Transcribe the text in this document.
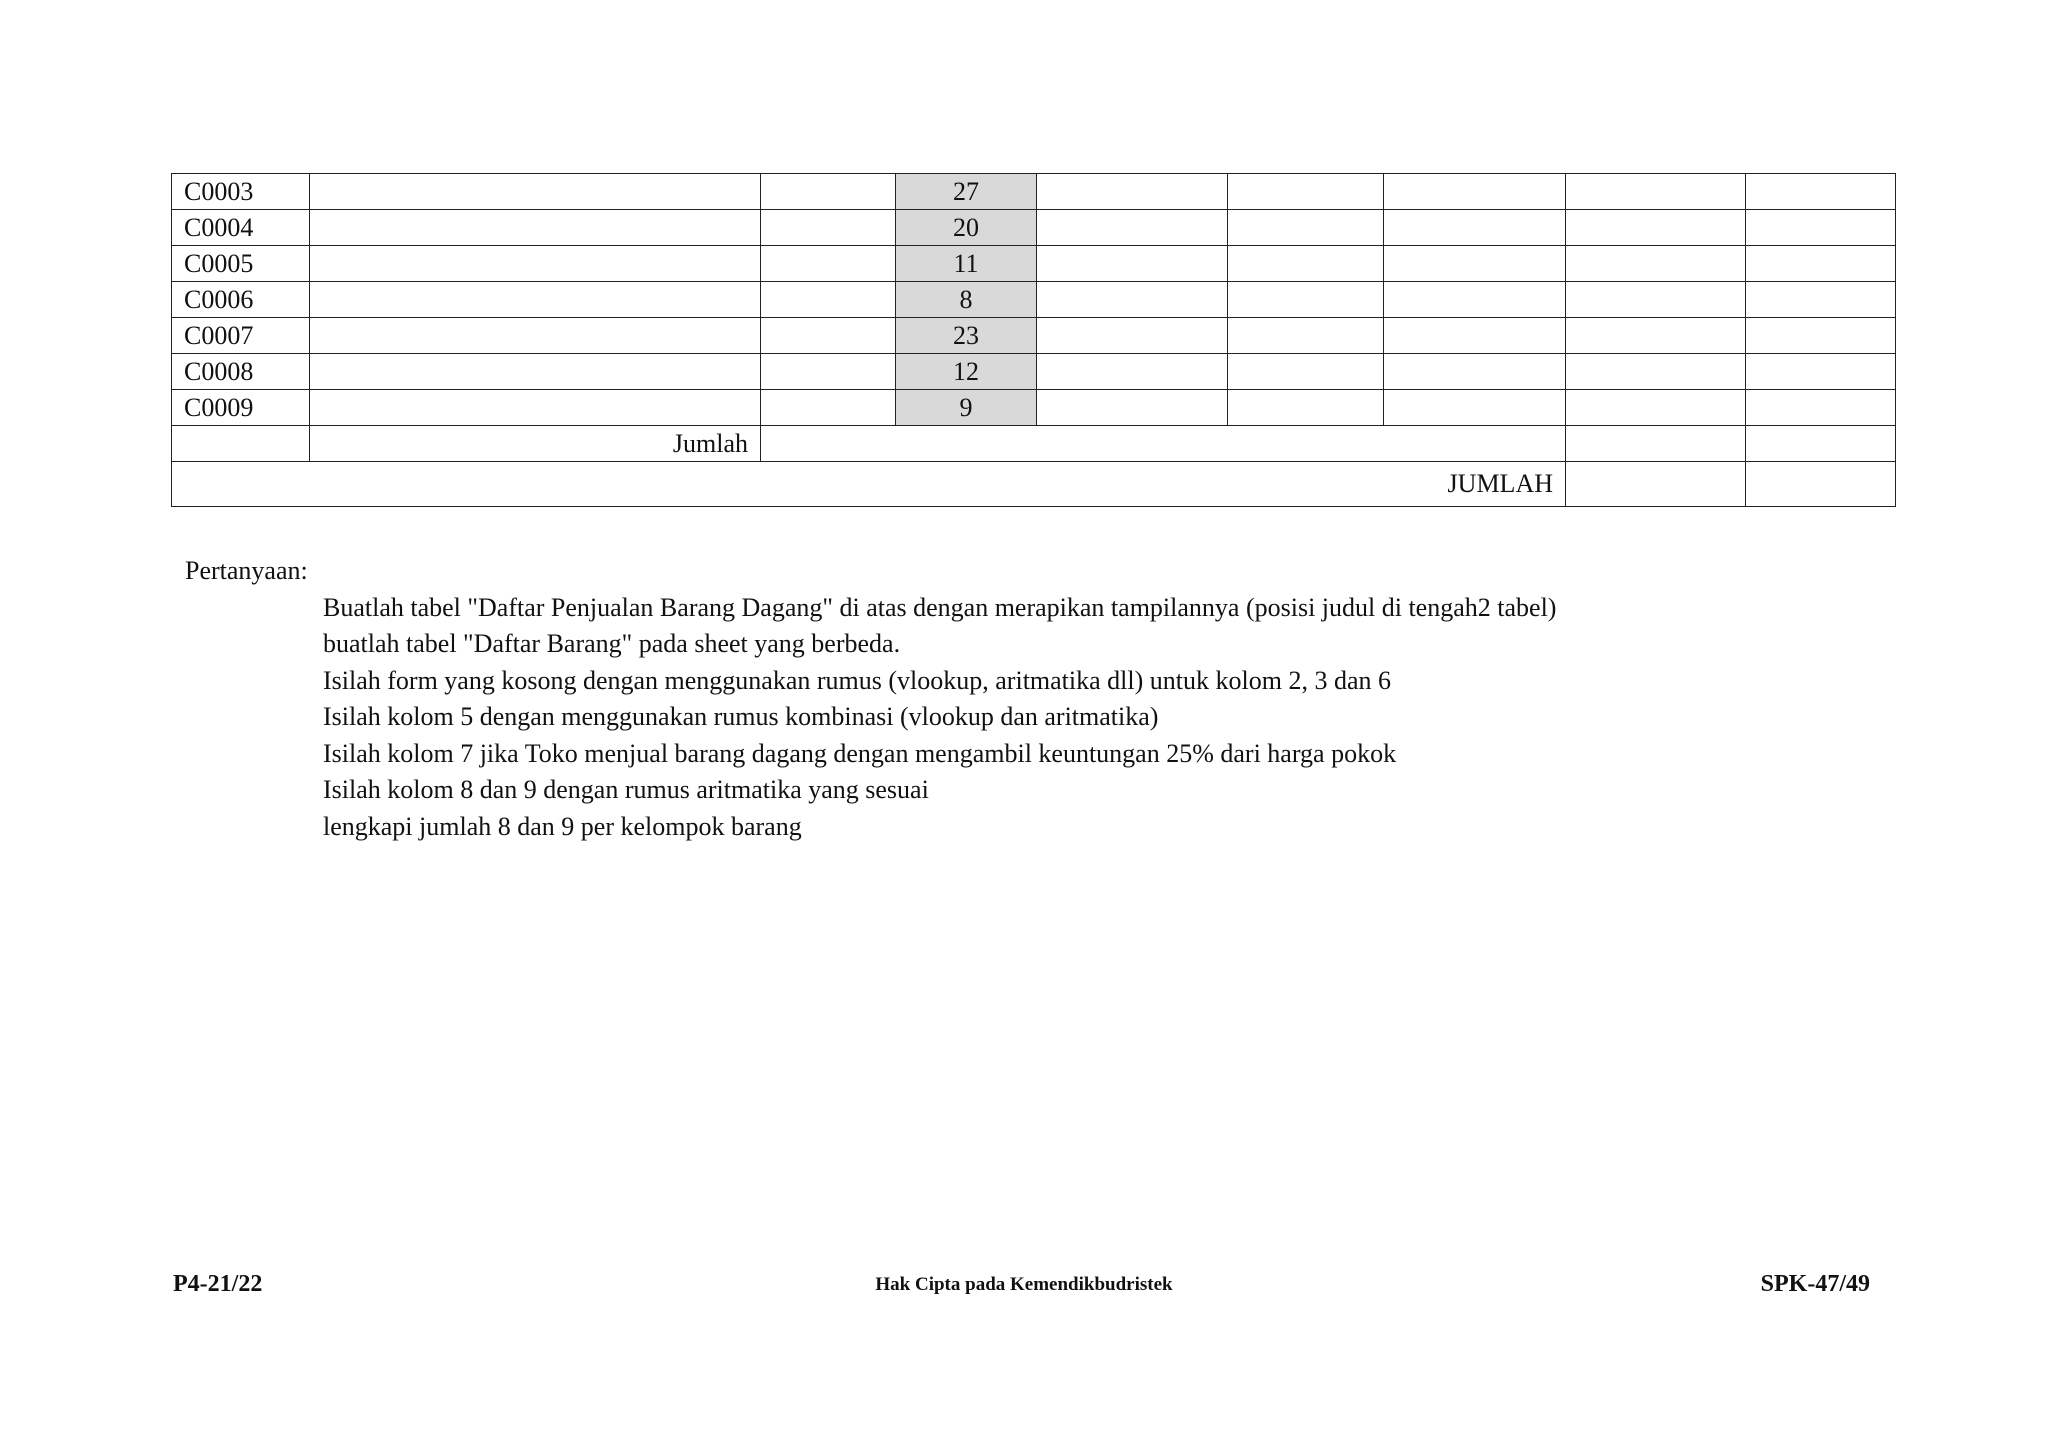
C0003			27					
C0004			20					
C0005			11					
C0006			8					
C0007			23					
C0008			12					
C0009			9					
	Jumlah							
JUMLAH								

Pertanyaan:

Buatlah tabel "Daftar Penjualan Barang Dagang" di atas dengan merapikan tampilannya (posisi judul di tengah2 tabel)
buatlah tabel "Daftar Barang" pada sheet yang berbeda.
Isilah form yang kosong dengan menggunakan rumus (vlookup, aritmatika dll) untuk kolom 2, 3 dan 6
Isilah kolom 5 dengan menggunakan rumus kombinasi (vlookup dan aritmatika)
Isilah kolom 7 jika Toko menjual barang dagang dengan mengambil keuntungan 25% dari harga pokok
Isilah kolom 8 dan 9 dengan rumus aritmatika yang sesuai
lengkapi jumlah 8 dan 9 per kelompok barang
P4-21/22	Hak Cipta pada Kemendikbudristek	SPK-47/49
